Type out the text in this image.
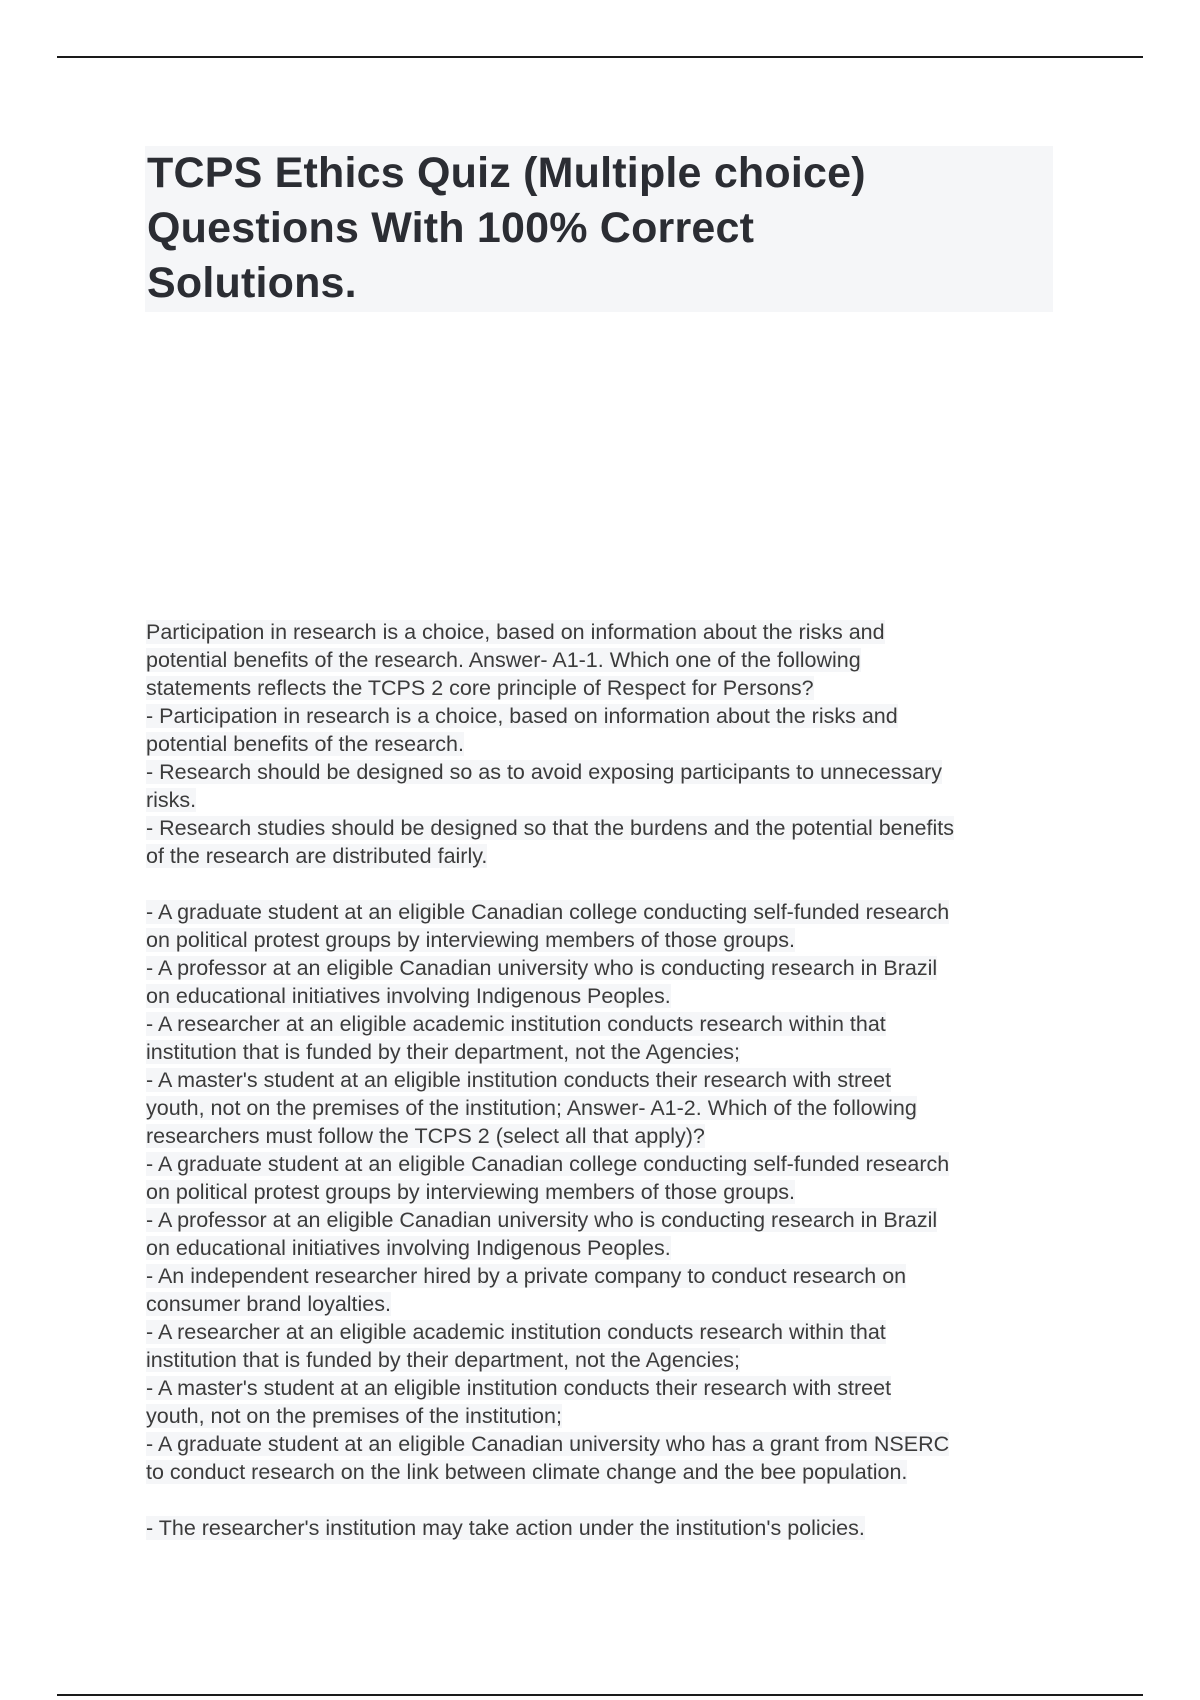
TCPS Ethics Quiz (Multiple choice)
Questions With 100% Correct
Solutions.
Participation in research is a choice, based on information about the risks and
potential benefits of the research. Answer- A1-1. Which one of the following
statements reflects the TCPS 2 core principle of Respect for Persons?
- Participation in research is a choice, based on information about the risks and
potential benefits of the research.
- Research should be designed so as to avoid exposing participants to unnecessary
risks.
- Research studies should be designed so that the burdens and the potential benefits
of the research are distributed fairly.
- A graduate student at an eligible Canadian college conducting self-funded research
on political protest groups by interviewing members of those groups.
- A professor at an eligible Canadian university who is conducting research in Brazil
on educational initiatives involving Indigenous Peoples.
- A researcher at an eligible academic institution conducts research within that
institution that is funded by their department, not the Agencies;
- A master's student at an eligible institution conducts their research with street
youth, not on the premises of the institution; Answer- A1-2. Which of the following
researchers must follow the TCPS 2 (select all that apply)?
- A graduate student at an eligible Canadian college conducting self-funded research
on political protest groups by interviewing members of those groups.
- A professor at an eligible Canadian university who is conducting research in Brazil
on educational initiatives involving Indigenous Peoples.
- An independent researcher hired by a private company to conduct research on
consumer brand loyalties.
- A researcher at an eligible academic institution conducts research within that
institution that is funded by their department, not the Agencies;
- A master's student at an eligible institution conducts their research with street
youth, not on the premises of the institution;
- A graduate student at an eligible Canadian university who has a grant from NSERC
to conduct research on the link between climate change and the bee population.
- The researcher's institution may take action under the institution's policies.
